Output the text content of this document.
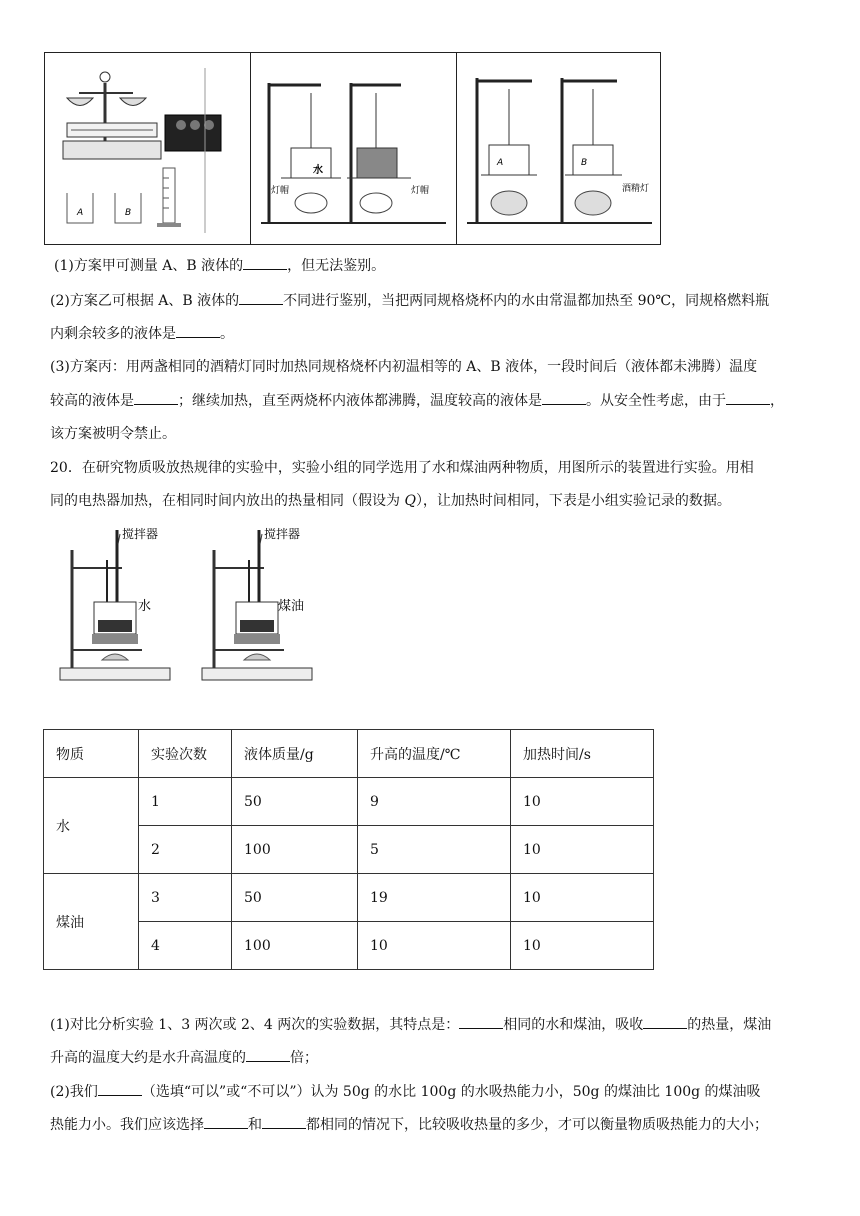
A	B
水
灯帽	灯帽
A	B
酒精灯
(1)方案甲可测量 A、B 液体的	，但无法鉴别。
(2)方案乙可根据 A、B 液体的	不同进行鉴别，当把两同规格烧杯内的水由常温都加热至 90℃，同规格燃料瓶
内剩余较多的液体是	。
(3)方案丙：用两盏相同的酒精灯同时加热同规格烧杯内初温相等的 A、B 液体，一段时间后（液体都未沸腾）温度
较高的液体是	；继续加热，直至两烧杯内液体都沸腾，温度较高的液体是	。从安全性考虑，由于	，
该方案被明令禁止。
20．在研究物质吸放热规律的实验中，实验小组的同学选用了水和煤油两种物质，用图所示的装置进行实验。用相
同的电热器加热，在相同时间内放出的热量相同（假设为 Q），让加热时间相同，下表是小组实验记录的数据。
搅拌器
水
搅拌器
煤油
物质	实验次数	液体质量/g	升高的温度/℃	加热时间/s
水	1	50	9	10
	2	100	5	10
煤油	3	50	19	10
	4	100	10	10
(1)对比分析实验 1、3 两次或 2、4 两次的实验数据，其特点是：	相同的水和煤油，吸收	的热量，煤油
升高的温度大约是水升高温度的	倍；
(2)我们	（选填“可以”或“不可以”）认为 50g 的水比 100g 的水吸热能力小，50g 的煤油比 100g 的煤油吸
热能力小。我们应该选择	和	都相同的情况下，比较吸收热量的多少，才可以衡量物质吸热能力的大小；
